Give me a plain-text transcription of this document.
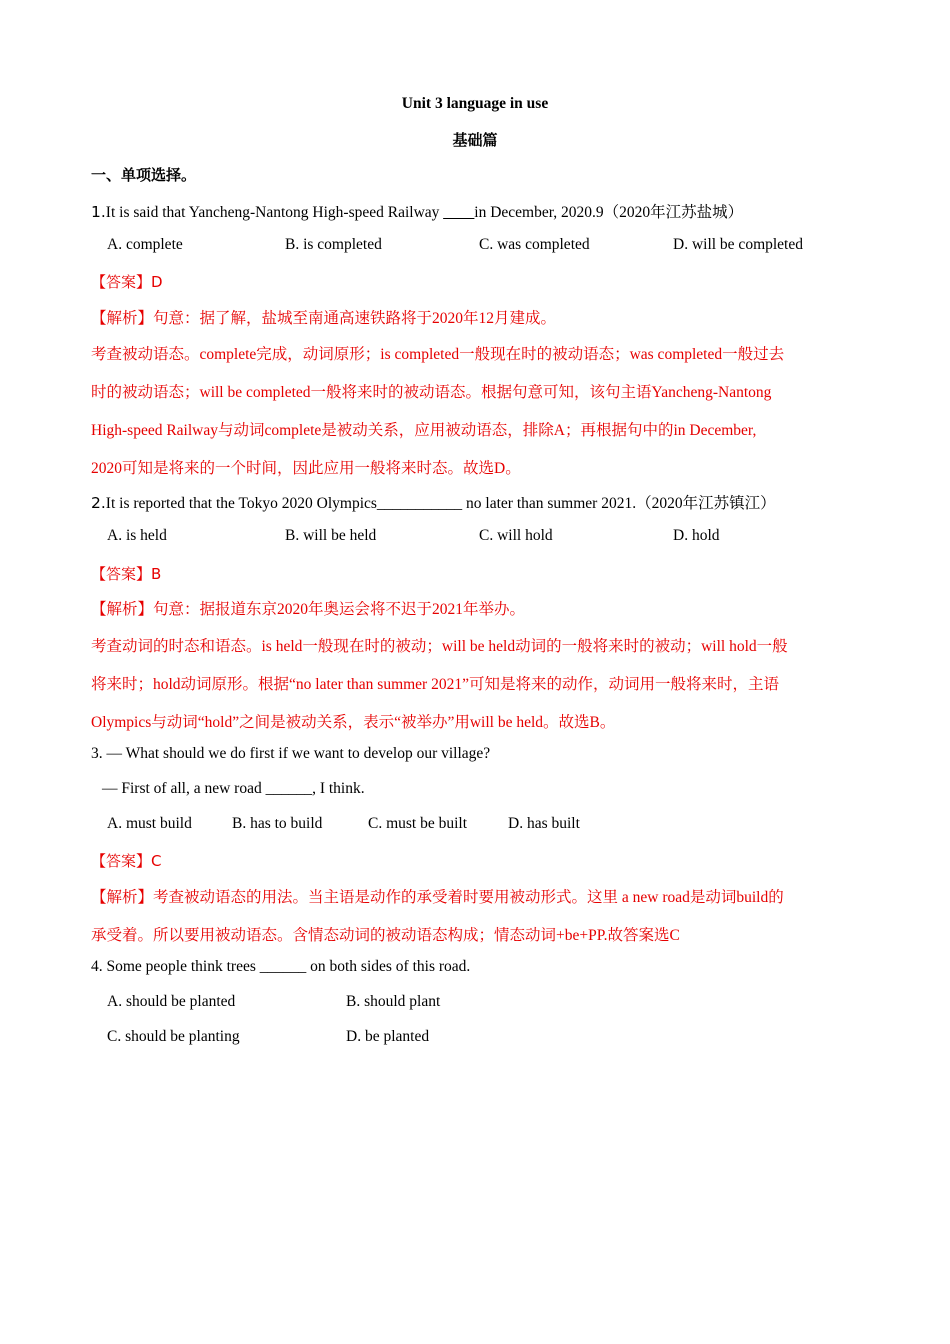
Unit 3 language in use
基础篇
一、单项选择。
1.It is said that Yancheng-Nantong High-speed Railway ____in December, 2020.9（2020年江苏盐城）
A. complete	B. is completed	C. was completed	D. will be completed
【答案】D
【解析】句意：据了解，盐城至南通高速铁路将于2020年12月建成。
考查被动语态。complete完成，动词原形；is completed一般现在时的被动语态；was completed一般过去
时的被动语态；will be completed一般将来时的被动语态。根据句意可知，该句主语Yancheng-Nantong
High-speed Railway与动词complete是被动关系，应用被动语态，排除A；再根据句中的in December,
2020可知是将来的一个时间，因此应用一般将来时态。故选D。
2.It is reported that the Tokyo 2020 Olympics___________ no later than summer 2021.（2020年江苏镇江）
A. is held	B. will be held	C. will hold	D. hold
【答案】B
【解析】句意：据报道东京2020年奥运会将不迟于2021年举办。
考查动词的时态和语态。is held一般现在时的被动；will be held动词的一般将来时的被动；will hold一般
将来时；hold动词原形。根据“no later than summer 2021”可知是将来的动作，动词用一般将来时，主语
Olympics与动词“hold”之间是被动关系，表示“被举办”用will be held。故选B。
3. — What should we do first if we want to develop our village?
— First of all, a new road ______, I think.
A. must build	B. has to build	C. must be built	D. has built
【答案】C
【解析】考查被动语态的用法。当主语是动作的承受着时要用被动形式。这里 a new road是动词build的
承受着。所以要用被动语态。含情态动词的被动语态构成；情态动词+be+PP.故答案选C
4. Some people think trees ______ on both sides of this road.
A. should be planted	B. should plant
C. should be planting	D. be planted
